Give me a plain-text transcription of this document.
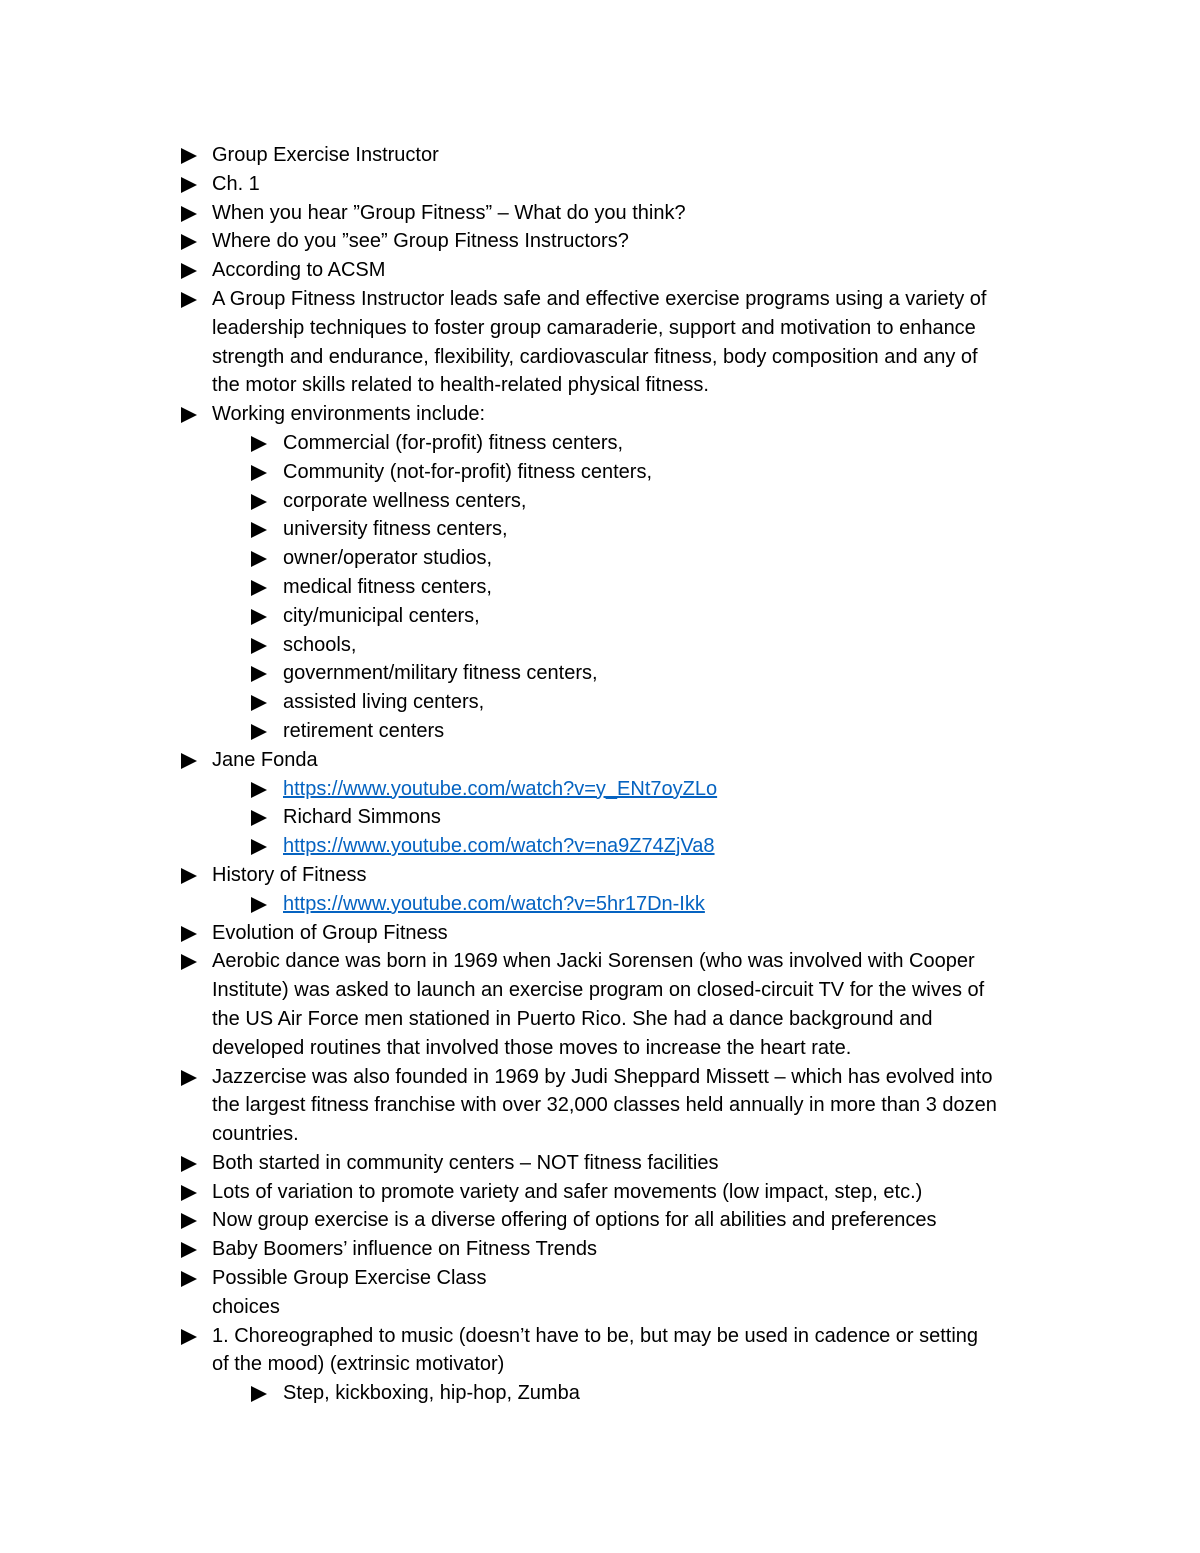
Group Exercise Instructor
Ch. 1
When you hear ”Group Fitness” – What do you think?
Where do you ”see” Group Fitness Instructors?
According to ACSM
A Group Fitness Instructor leads safe and effective exercise programs using a variety of
leadership techniques to foster group camaraderie, support and motivation to enhance
strength and endurance, flexibility, cardiovascular fitness, body composition and any of
the motor skills related to health-related physical fitness.
Working environments include:
Commercial (for-profit) fitness centers,
Community (not-for-profit) fitness centers,
corporate wellness centers,
university fitness centers,
owner/operator studios,
medical fitness centers,
city/municipal centers,
schools,
government/military fitness centers,
assisted living centers,
retirement centers
Jane Fonda
https://www.youtube.com/watch?v=y_ENt7oyZLo
Richard Simmons
https://www.youtube.com/watch?v=na9Z74ZjVa8
History of Fitness
https://www.youtube.com/watch?v=5hr17Dn-Ikk
Evolution of Group Fitness
Aerobic dance was born in 1969 when Jacki Sorensen (who was involved with Cooper
Institute) was asked to launch an exercise program on closed-circuit TV for the wives of
the US Air Force men stationed in Puerto Rico. She had a dance background and
developed routines that involved those moves to increase the heart rate.
Jazzercise was also founded in 1969 by Judi Sheppard Missett – which has evolved into
the largest fitness franchise with over 32,000 classes held annually in more than 3 dozen
countries.
Both started in community centers – NOT fitness facilities
Lots of variation to promote variety and safer movements (low impact, step, etc.)
Now group exercise is a diverse offering of options for all abilities and preferences
Baby Boomers’ influence on Fitness Trends
Possible Group Exercise Class
choices
1. Choreographed to music (doesn’t have to be, but may be used in cadence or setting
of the mood) (extrinsic motivator)
Step, kickboxing, hip-hop, Zumba
